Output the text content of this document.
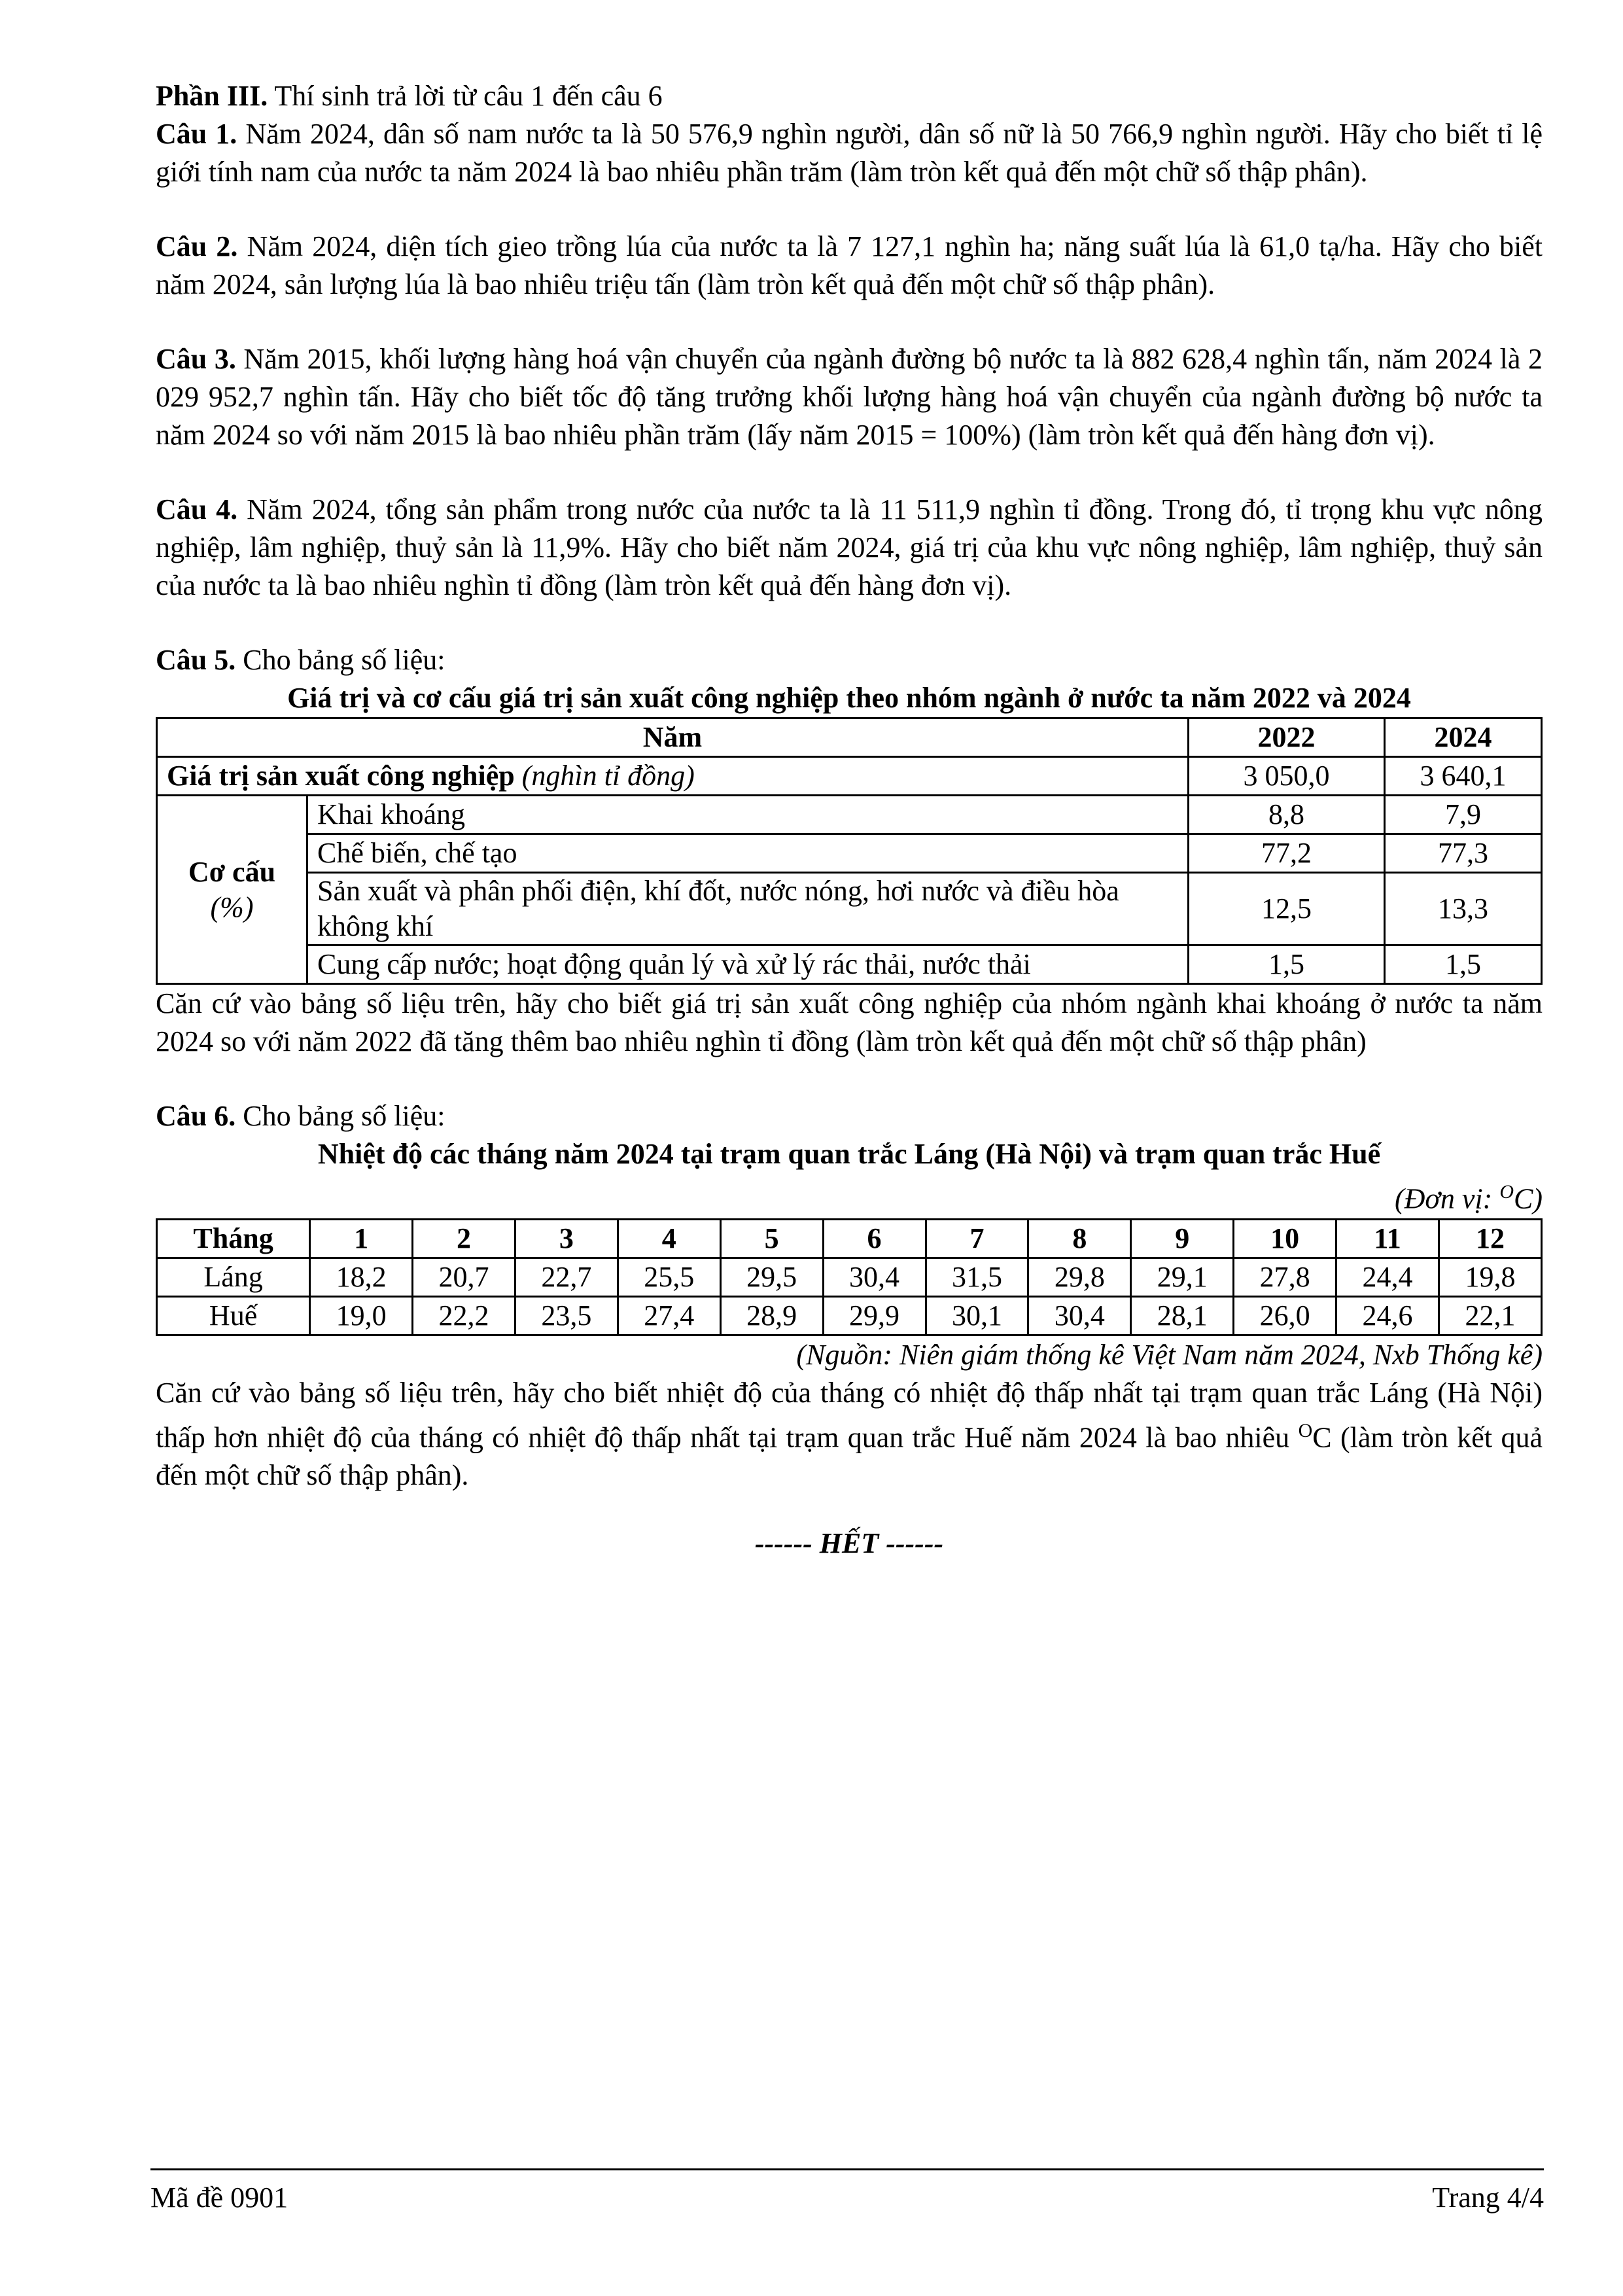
Phần III. Thí sinh trả lời từ câu 1 đến câu 6

Câu 1. Năm 2024, dân số nam nước ta là 50 576,9 nghìn người, dân số nữ là 50 766,9 nghìn người. Hãy cho biết tỉ lệ giới tính nam của nước ta năm 2024 là bao nhiêu phần trăm (làm tròn kết quả đến một chữ số thập phân).

Câu 2. Năm 2024, diện tích gieo trồng lúa của nước ta là 7 127,1 nghìn ha; năng suất lúa là 61,0 tạ/ha. Hãy cho biết năm 2024, sản lượng lúa là bao nhiêu triệu tấn (làm tròn kết quả đến một chữ số thập phân).

Câu 3. Năm 2015, khối lượng hàng hoá vận chuyển của ngành đường bộ nước ta là 882 628,4 nghìn tấn, năm 2024 là 2 029 952,7 nghìn tấn. Hãy cho biết tốc độ tăng trưởng khối lượng hàng hoá vận chuyển của ngành đường bộ nước ta năm 2024 so với năm 2015 là bao nhiêu phần trăm (lấy năm 2015 = 100%) (làm tròn kết quả đến hàng đơn vị).

Câu 4. Năm 2024, tổng sản phẩm trong nước của nước ta là 11 511,9 nghìn tỉ đồng. Trong đó, tỉ trọng khu vực nông nghiệp, lâm nghiệp, thuỷ sản là 11,9%. Hãy cho biết năm 2024, giá trị của khu vực nông nghiệp, lâm nghiệp, thuỷ sản của nước ta là bao nhiêu nghìn tỉ đồng (làm tròn kết quả đến hàng đơn vị).

Câu 5. Cho bảng số liệu:

Giá trị và cơ cấu giá trị sản xuất công nghiệp theo nhóm ngành ở nước ta năm 2022 và 2024

Năm		2022	2024
Giá trị sản xuất công nghiệp (nghìn tỉ đồng)		3 050,0	3 640,1
Cơ cấu
(%)	Khai khoáng	8,8	7,9
	Chế biến, chế tạo	77,2	77,3
	Sản xuất và phân phối điện, khí đốt, nước nóng, hơi nước và điều hòa không khí	12,5	13,3
	Cung cấp nước; hoạt động quản lý và xử lý rác thải, nước thải	1,5	1,5

Căn cứ vào bảng số liệu trên, hãy cho biết giá trị sản xuất công nghiệp của nhóm ngành khai khoáng ở nước ta năm 2024 so với năm 2022 đã tăng thêm bao nhiêu nghìn tỉ đồng (làm tròn kết quả đến một chữ số thập phân)

Câu 6. Cho bảng số liệu:

Nhiệt độ các tháng năm 2024 tại trạm quan trắc Láng (Hà Nội) và trạm quan trắc Huế

(Đơn vị: $^O$C)

Tháng	1	2	3	4	5	6	7	8	9	10	11	12
Láng	18,2	20,7	22,7	25,5	29,5	30,4	31,5	29,8	29,1	27,8	24,4	19,8
Huế	19,0	22,2	23,5	27,4	28,9	29,9	30,1	30,4	28,1	26,0	24,6	22,1

(Nguồn: Niên giám thống kê Việt Nam năm 2024, Nxb Thống kê)

Căn cứ vào bảng số liệu trên, hãy cho biết nhiệt độ của tháng có nhiệt độ thấp nhất tại trạm quan trắc Láng (Hà Nội) thấp hơn nhiệt độ của tháng có nhiệt độ thấp nhất tại trạm quan trắc Huế năm 2024 là bao nhiêu $^O$C (làm tròn kết quả đến một chữ số thập phân).

------ HẾT ------

Mã đề 0901	Trang 4/4
